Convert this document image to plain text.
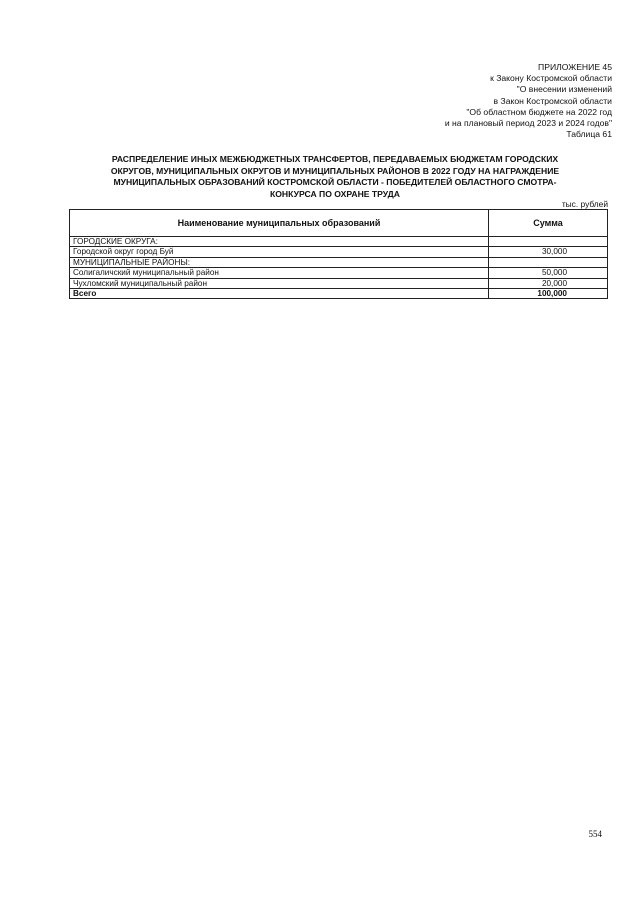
ПРИЛОЖЕНИЕ 45
к Закону Костромской области
"О внесении изменений
в Закон Костромской области
"Об областном бюджете на 2022 год
и на плановый период 2023 и 2024 годов"
Таблица 61
РАСПРЕДЕЛЕНИЕ ИНЫХ МЕЖБЮДЖЕТНЫХ ТРАНСФЕРТОВ, ПЕРЕДАВАЕМЫХ БЮДЖЕТАМ ГОРОДСКИХ
ОКРУГОВ, МУНИЦИПАЛЬНЫХ ОКРУГОВ И МУНИЦИПАЛЬНЫХ РАЙОНОВ В 2022 ГОДУ НА НАГРАЖДЕНИЕ
МУНИЦИПАЛЬНЫХ ОБРАЗОВАНИЙ КОСТРОМСКОЙ ОБЛАСТИ - ПОБЕДИТЕЛЕЙ ОБЛАСТНОГО СМОТРА-
КОНКУРСА ПО ОХРАНЕ ТРУДА
тыс. рублей
Наименование муниципальных образований	Сумма
ГОРОДСКИЕ ОКРУГА:	
Городской округ город Буй	30,000
МУНИЦИПАЛЬНЫЕ РАЙОНЫ:	
Солигаличский муниципальный район	50,000
Чухломский муниципальный район	20,000
Всего	100,000
554
